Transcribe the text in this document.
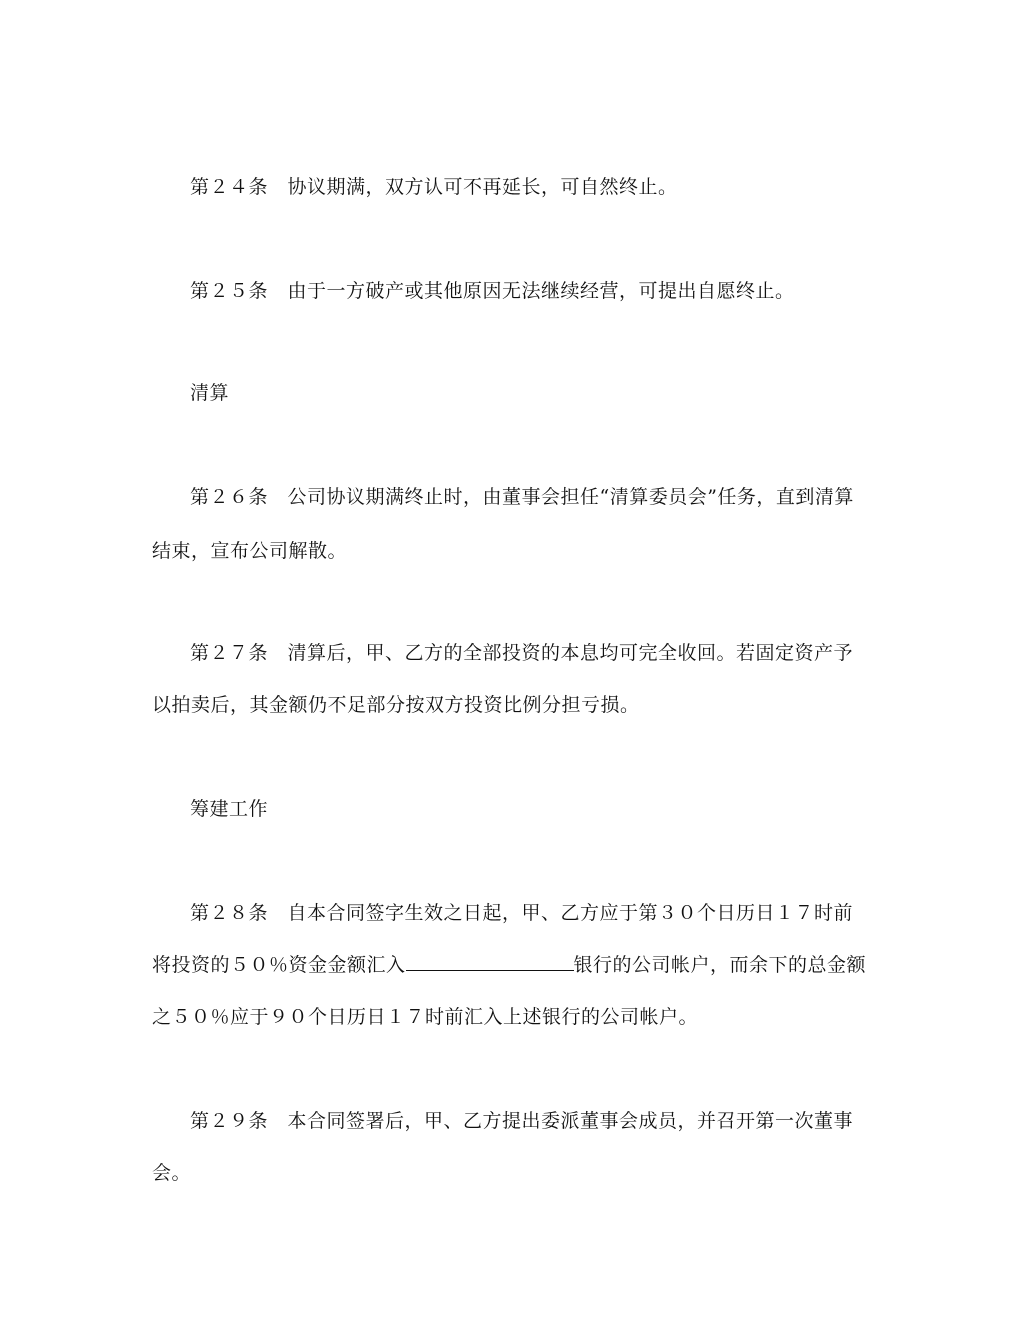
第２４条　协议期满，双方认可不再延长，可自然终止。
第２５条　由于一方破产或其他原因无法继续经营，可提出自愿终止。
清算
第２６条　公司协议期满终止时，由董事会担任“清算委员会”任务，直到清算
结束，宣布公司解散。
第２７条　清算后，甲、乙方的全部投资的本息均可完全收回。若固定资产予
以拍卖后，其金额仍不足部分按双方投资比例分担亏损。
筹建工作
第２８条　自本合同签字生效之日起，甲、乙方应于第３０个日历日１７时前
将投资的５０％资金金额汇入	银行的公司帐户，而余下的总金额
之５０％应于９０个日历日１７时前汇入上述银行的公司帐户。
第２９条　本合同签署后，甲、乙方提出委派董事会成员，并召开第一次董事
会。
